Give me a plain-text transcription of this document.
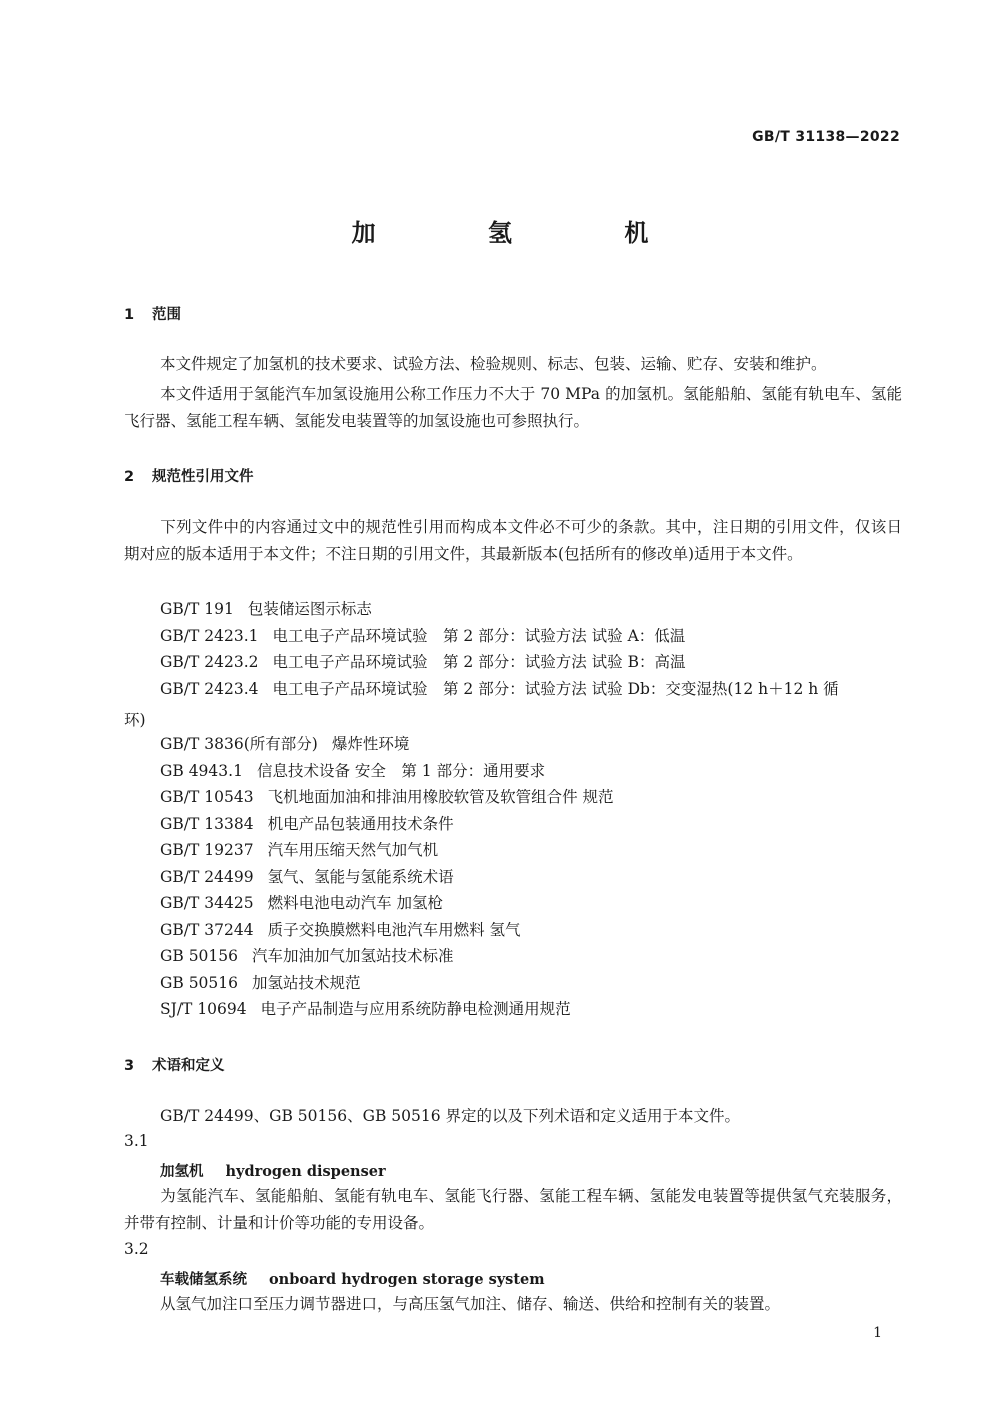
GB/T 31138—2022
加 氢 机
1 范围
本文件规定了加氢机的技术要求、试验方法、检验规则、标志、包装、运输、贮存、安装和维护。
本文件适用于氢能汽车加氢设施用公称工作压力不大于 70 MPa 的加氢机。氢能船舶、氢能有轨电车、氢能飞行器、氢能工程车辆、氢能发电装置等的加氢设施也可参照执行。
2 规范性引用文件
下列文件中的内容通过文中的规范性引用而构成本文件必不可少的条款。其中，注日期的引用文件，仅该日期对应的版本适用于本文件；不注日期的引用文件，其最新版本(包括所有的修改单)适用于本文件。
GB/T 191 包装储运图示标志
GB/T 2423.1 电工电子产品环境试验　第 2 部分：试验方法 试验 A：低温
GB/T 2423.2 电工电子产品环境试验　第 2 部分：试验方法 试验 B：高温
GB/T 2423.4 电工电子产品环境试验　第 2 部分：试验方法 试验 Db：交变湿热(12 h＋12 h 循
环)
GB/T 3836(所有部分) 爆炸性环境
GB 4943.1 信息技术设备 安全　第 1 部分：通用要求
GB/T 10543 飞机地面加油和排油用橡胶软管及软管组合件 规范
GB/T 13384 机电产品包装通用技术条件
GB/T 19237 汽车用压缩天然气加气机
GB/T 24499 氢气、氢能与氢能系统术语
GB/T 34425 燃料电池电动汽车 加氢枪
GB/T 37244 质子交换膜燃料电池汽车用燃料 氢气
GB 50156 汽车加油加气加氢站技术标准
GB 50516 加氢站技术规范
SJ/T 10694 电子产品制造与应用系统防静电检测通用规范
3 术语和定义
GB/T 24499、GB 50156、GB 50516 界定的以及下列术语和定义适用于本文件。
3.1
加氢机 hydrogen dispenser
为氢能汽车、氢能船舶、氢能有轨电车、氢能飞行器、氢能工程车辆、氢能发电装置等提供氢气充装服务，并带有控制、计量和计价等功能的专用设备。
3.2
车载储氢系统 onboard hydrogen storage system
从氢气加注口至压力调节器进口，与高压氢气加注、储存、输送、供给和控制有关的装置。
1
